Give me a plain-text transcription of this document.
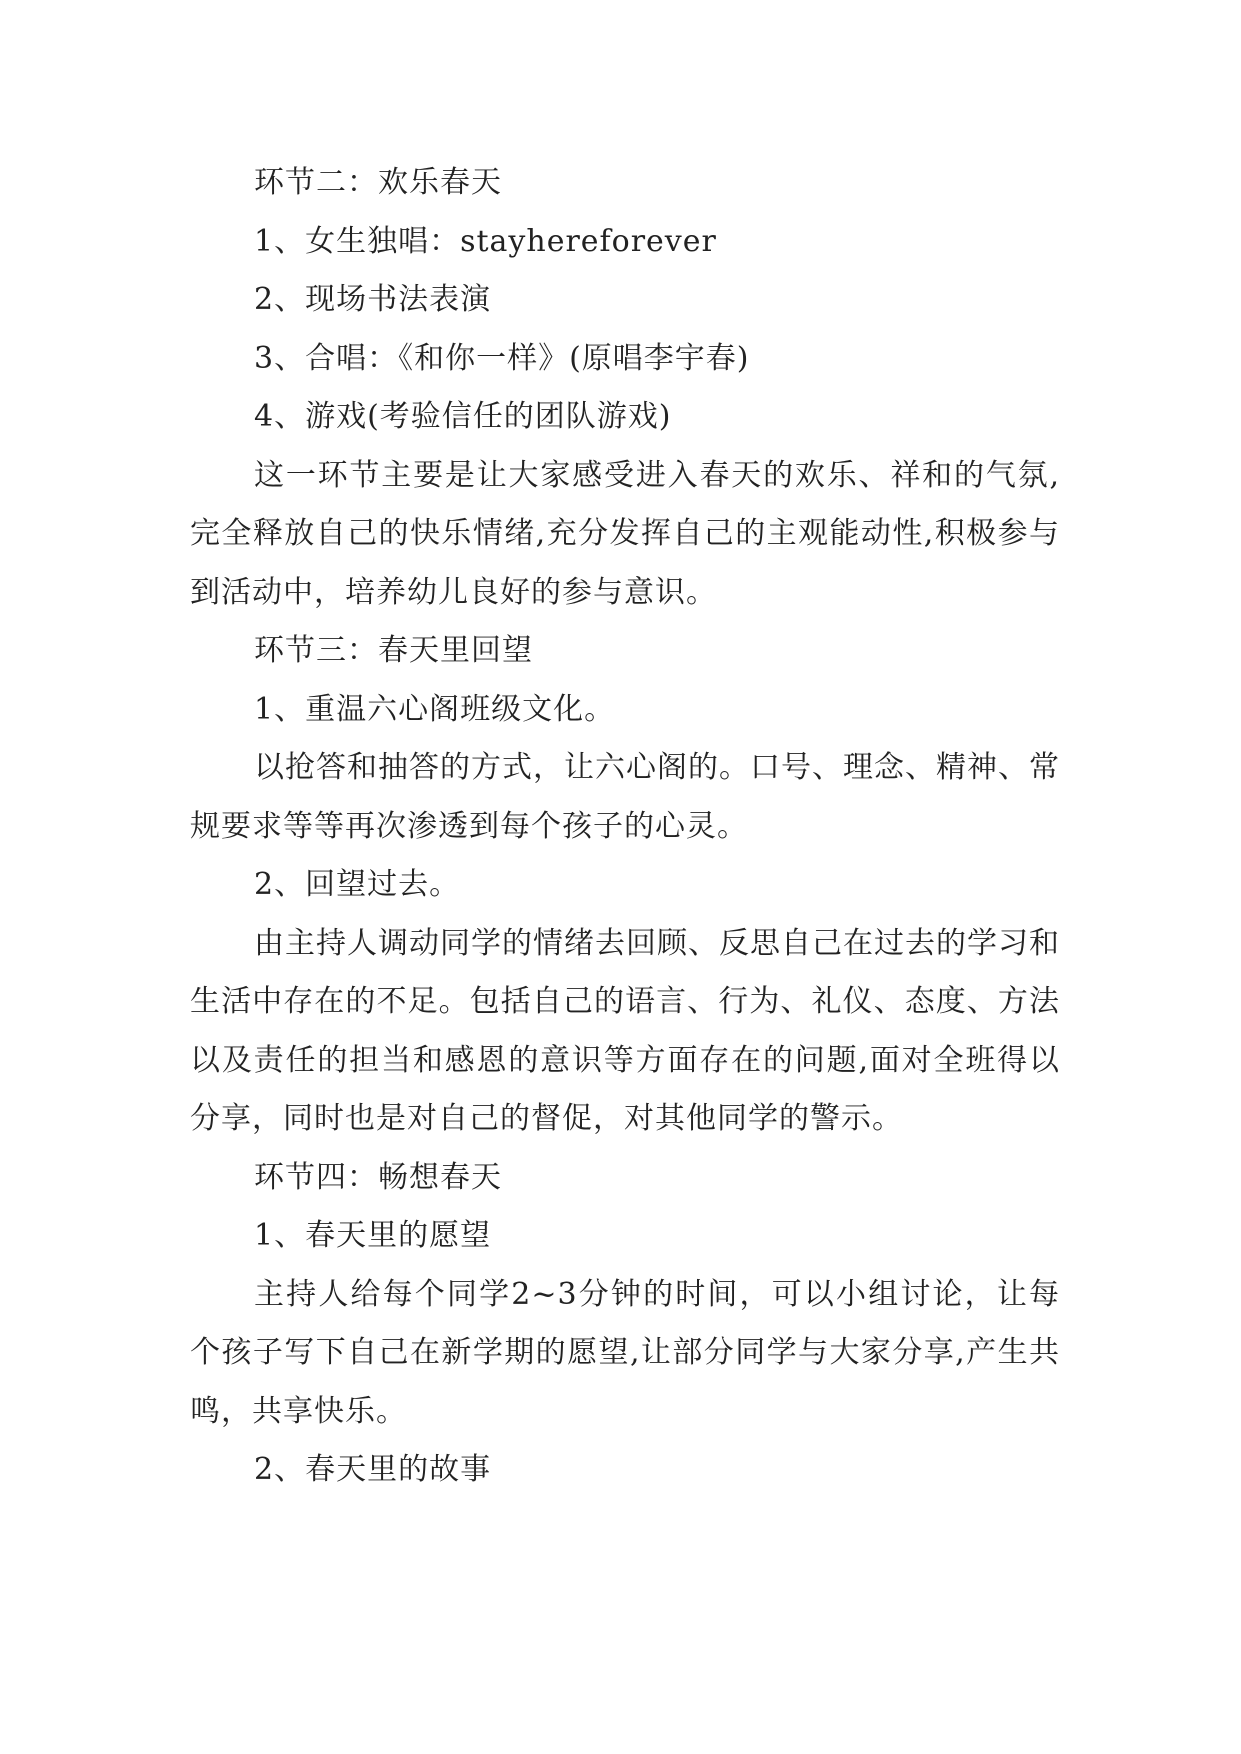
环节二：欢乐春天

1、女生独唱：stayhereforever

2、现场书法表演

3、合唱：《和你一样》(原唱李宇春)

4、游戏(考验信任的团队游戏)

这一环节主要是让大家感受进入春天的欢乐、祥和的气氛,完全释放自己的快乐情绪,充分发挥自己的主观能动性,积极参与到活动中，培养幼儿良好的参与意识。

环节三：春天里回望

1、重温六心阁班级文化。

以抢答和抽答的方式，让六心阁的。口号、理念、精神、常规要求等等再次渗透到每个孩子的心灵。

2、回望过去。

由主持人调动同学的情绪去回顾、反思自己在过去的学习和生活中存在的不足。包括自己的语言、行为、礼仪、态度、方法以及责任的担当和感恩的意识等方面存在的问题,面对全班得以分享，同时也是对自己的督促，对其他同学的警示。

环节四：畅想春天

1、春天里的愿望

主持人给每个同学2~3分钟的时间，可以小组讨论，让每个孩子写下自己在新学期的愿望,让部分同学与大家分享,产生共鸣，共享快乐。

2、春天里的故事
